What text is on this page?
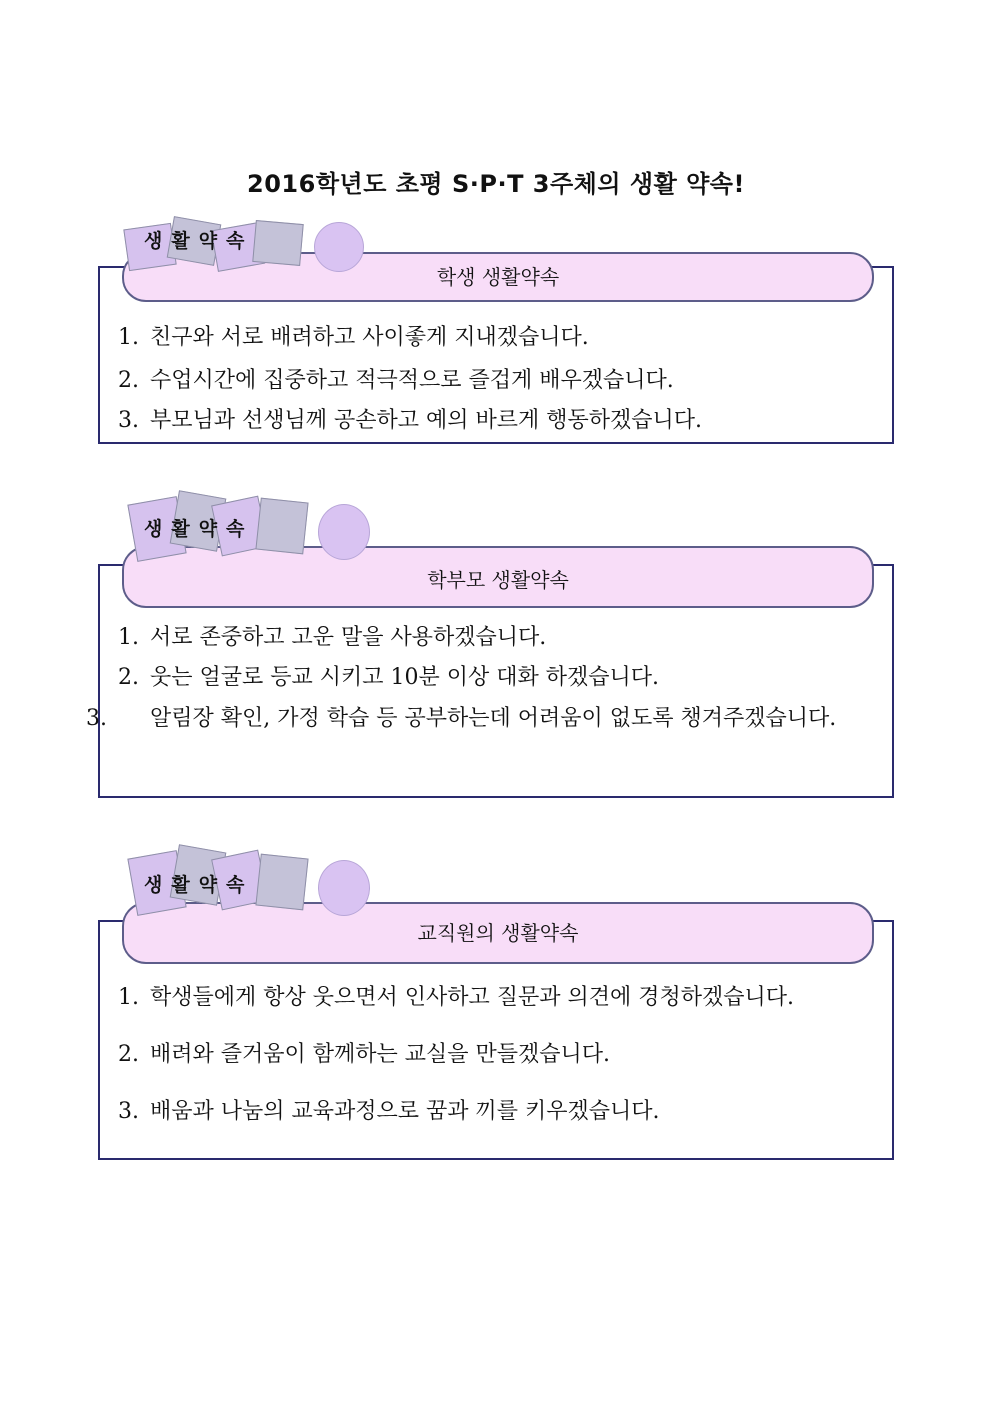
2016학년도 초평 S·P·T 3주체의 생활 약속!
1. 친구와 서로 배려하고 사이좋게 지내겠습니다.
2. 수업시간에 집중하고 적극적으로 즐겁게 배우겠습니다.
3. 부모님과 선생님께 공손하고 예의 바르게 행동하겠습니다.
학생 생활약속
생활약속
1. 서로 존중하고 고운 말을 사용하겠습니다.
2. 웃는 얼굴로 등교 시키고 10분 이상 대화 하겠습니다.
3. 알림장 확인, 가정 학습 등 공부하는데 어려움이 없도록 챙겨주겠습니다.
학부모 생활약속
생활약속
1. 학생들에게 항상 웃으면서 인사하고 질문과 의견에 경청하겠습니다.
2. 배려와 즐거움이 함께하는 교실을 만들겠습니다.
3. 배움과 나눔의 교육과정으로 꿈과 끼를 키우겠습니다.
교직원의 생활약속
생활약속
